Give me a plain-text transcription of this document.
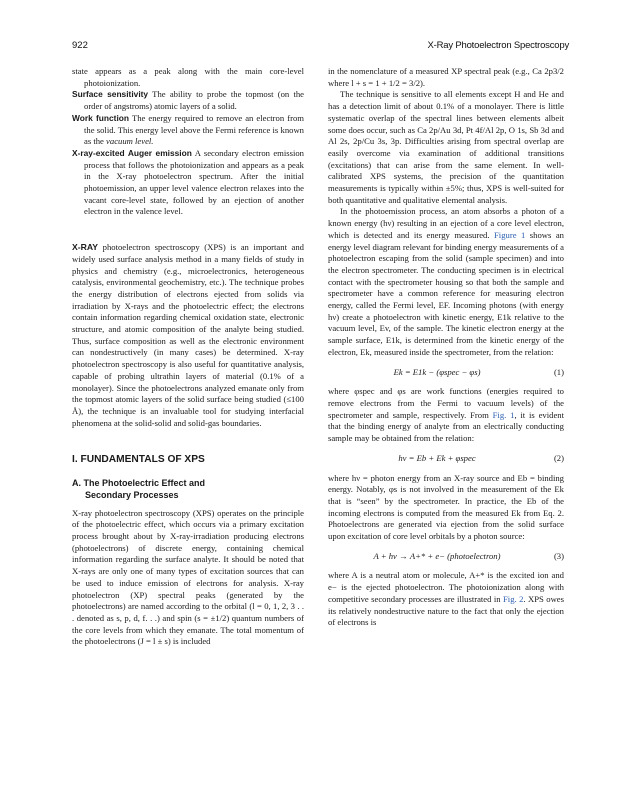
922	X-Ray Photoelectron Spectroscopy

state appears as a peak along with the main core-level photoionization.

Surface sensitivity The ability to probe the topmost (on the order of angstroms) atomic layers of a solid.

Work function The energy required to remove an electron from the solid. This energy level above the Fermi reference is known as the vacuum level.

X-ray-excited Auger emission A secondary electron emission process that follows the photoionization and appears as a peak in the X-ray photoelectron spectrum. After the initial photoemission, an upper level valence electron relaxes into the vacant core-level state, followed by an ejection of another electron in the valence level.

X-RAY photoelectron spectroscopy (XPS) is an important and widely used surface analysis method in a many fields of study in physics and chemistry (e.g., microelectronics, heterogeneous catalysis, environmental geochemistry, etc.). The technique probes the energy distribution of electrons ejected from solids via irradiation by X-rays and the photoelectric effect; the electrons contain information regarding chemical oxidation state, electronic structure, and atomic composition of the analyte being studied. Thus, surface composition as well as the electronic environment can nondestructively (in many cases) be determined. X-ray photoelectron spectroscopy is also useful for quantitative analysis, capable of probing ultrathin layers of material (0.1% of a monolayer). Since the photoelectrons analyzed emanate only from the topmost atomic layers of the solid surface being studied (≤100 Å), the technique is an invaluable tool for studying interfacial phenomena at the solid-solid and solid-gas boundaries.

I. FUNDAMENTALS OF XPS
A. The Photoelectric Effect and
Secondary Processes

X-ray photoelectron spectroscopy (XPS) operates on the principle of the photoelectric effect, which occurs via a primary excitation process brought about by X-ray-irradiation producing electrons (photoelectrons) of discrete energy, containing chemical information regarding the surface analyte. It should be noted that X-rays are only one of many types of excitation sources that can be used to induce emission of electrons for analysis. X-ray photoelectron (XP) spectral peaks (generated by the photoelectrons) are named according to the orbital (l = 0, 1, 2, 3 . . . denoted as s, p, d, f. . .) and spin (s = ±1/2) quantum numbers of the core levels from which they emanate. The total momentum of the photoelectrons (J = l ± s) is included

in the nomenclature of a measured XP spectral peak (e.g., Ca 2p3/2 where l + s = 1 + 1/2 = 3/2).

The technique is sensitive to all elements except H and He and has a detection limit of about 0.1% of a monolayer. There is little systematic overlap of the spectral lines between elements albeit some does occur, such as Ca 2p/Au 3d, Pt 4f/Al 2p, O 1s, Sb 3d and Al 2s, 2p/Cu 3s, 3p. Difficulties arising from spectral overlap are easily overcome via examination of additional transitions (excitations) that can arise from the same element. In well-calibrated XPS systems, the precision of the quantitation measurements is typically within ±5%; thus, XPS is well-suited for both quantitative and qualitative elemental analysis.

In the photoemission process, an atom absorbs a photon of a known energy (hν) resulting in an ejection of a core level electron, which is detected and its energy measured. Figure 1 shows an energy level diagram relevant for binding energy measurements of a photoelectron escaping from the solid (sample specimen) and into the electron spectrometer. The conducting specimen is in electrical contact with the spectrometer housing so that both the sample and spectrometer have a common reference for measuring electron energy, called the Fermi level, EF. Incoming photons (with energy hν) create a photoelectron with kinetic energy, E1k relative to the vacuum level, Ev, of the sample. The kinetic electron energy at the sample surface, E1k, is determined from the kinetic energy of the electron, Ek, measured inside the spectrometer, from the relation:

Ek = E1k − (φspec − φs)	(1)

where φspec and φs are work functions (energies required to remove electrons from the Fermi to vacuum levels) of the spectrometer and sample, respectively. From Fig. 1, it is evident that the binding energy of analyte from an electrically conducting sample may be obtained from the relation:

hν = Eb + Ek + φspec	(2)

where hν = photon energy from an X-ray source and Eb = binding energy. Notably, φs is not involved in the measurement of the Ek that is “seen” by the spectrometer. In practice, the Eb of the incoming electrons is computed from the measured Ek from Eq. 2. Photoelectrons are generated via ejection from the solid surface upon excitation of core level orbitals by a photon source:

A + hν → A+* + e− (photoelectron)	(3)

where A is a neutral atom or molecule, A+* is the excited ion and e− is the ejected photoelectron. The photoionization along with competitive secondary processes are illustrated in Fig. 2. XPS owes its relatively nondestructive nature to the fact that only the ejection of electrons is
